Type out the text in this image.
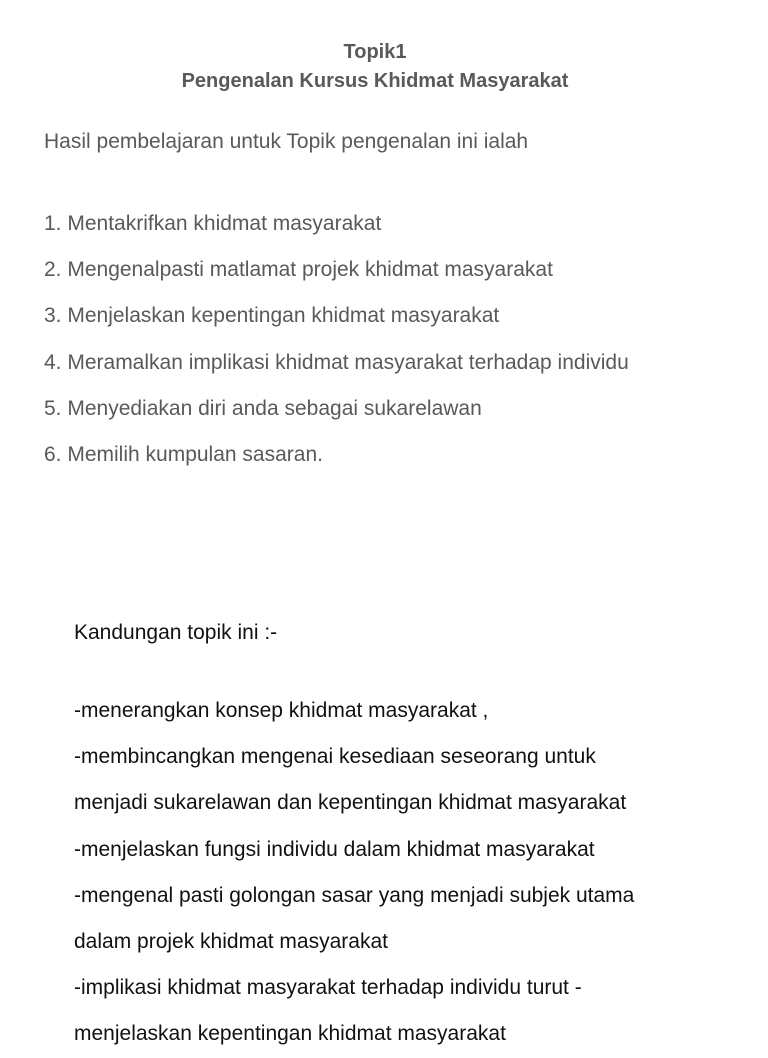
Topik1
Pengenalan Kursus Khidmat Masyarakat
Hasil pembelajaran untuk Topik pengenalan ini ialah
1. Mentakrifkan khidmat masyarakat
2. Mengenalpasti matlamat projek khidmat masyarakat
3. Menjelaskan kepentingan khidmat masyarakat
4. Meramalkan implikasi khidmat masyarakat terhadap individu
5. Menyediakan diri anda sebagai sukarelawan
6. Memilih kumpulan sasaran.
Kandungan topik ini :-
-menerangkan konsep khidmat masyarakat ,
-membincangkan mengenai kesediaan seseorang untuk
menjadi sukarelawan dan kepentingan khidmat masyarakat
-menjelaskan fungsi individu dalam khidmat masyarakat
-mengenal pasti golongan sasar yang menjadi subjek utama
dalam projek khidmat masyarakat
-implikasi khidmat masyarakat terhadap individu turut -
menjelaskan kepentingan khidmat masyarakat
